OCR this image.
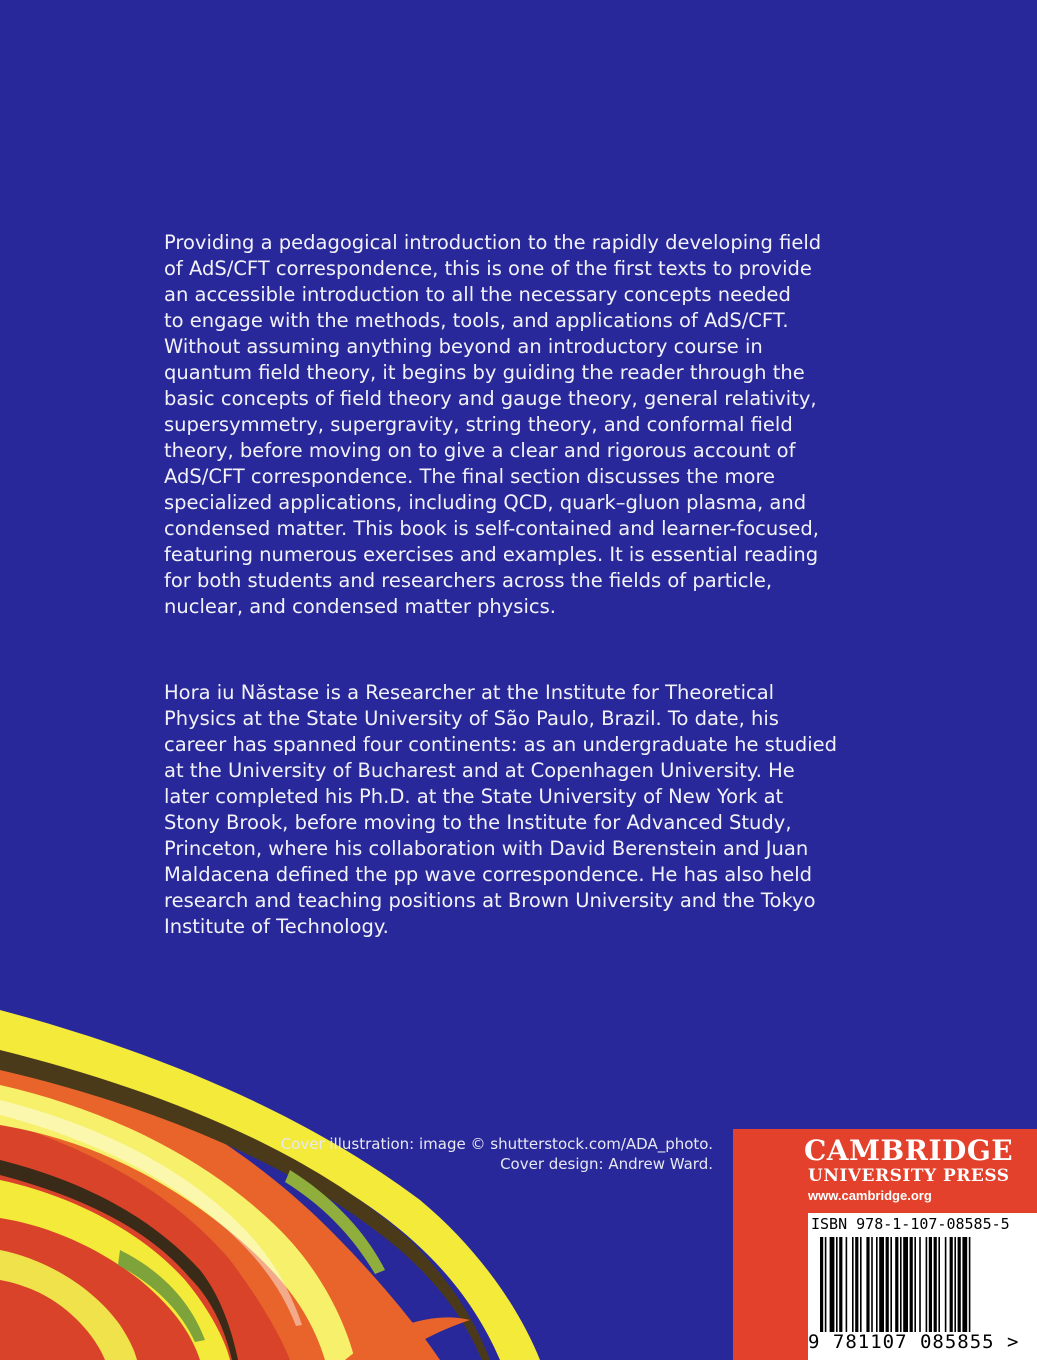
Providing a pedagogical introduction to the rapidly developing field
of AdS/CFT correspondence, this is one of the first texts to provide
an accessible introduction to all the necessary concepts needed
to engage with the methods, tools, and applications of AdS/CFT.
Without assuming anything beyond an introductory course in
quantum field theory, it begins by guiding the reader through the
basic concepts of field theory and gauge theory, general relativity,
supersymmetry, supergravity, string theory, and conformal field
theory, before moving on to give a clear and rigorous account of
AdS/CFT correspondence. The final section discusses the more
specialized applications, including QCD, quark–gluon plasma, and
condensed matter. This book is self-contained and learner-focused,
featuring numerous exercises and examples. It is essential reading
for both students and researchers across the fields of particle,
nuclear, and condensed matter physics.
Hora iu Năstase is a Researcher at the Institute for Theoretical
Physics at the State University of São Paulo, Brazil. To date, his
career has spanned four continents: as an undergraduate he studied
at the University of Bucharest and at Copenhagen University. He
later completed his Ph.D. at the State University of New York at
Stony Brook, before moving to the Institute for Advanced Study,
Princeton, where his collaboration with David Berenstein and Juan
Maldacena defined the pp wave correspondence. He has also held
research and teaching positions at Brown University and the Tokyo
Institute of Technology.
Cover illustration: image © shutterstock.com/ADA_photo.
Cover design: Andrew Ward.	CAMBRIDGE
UNIVERSITY PRESS
www.cambridge.org
ISBN 978-1-107-08585-5
9 781107 085855 >
